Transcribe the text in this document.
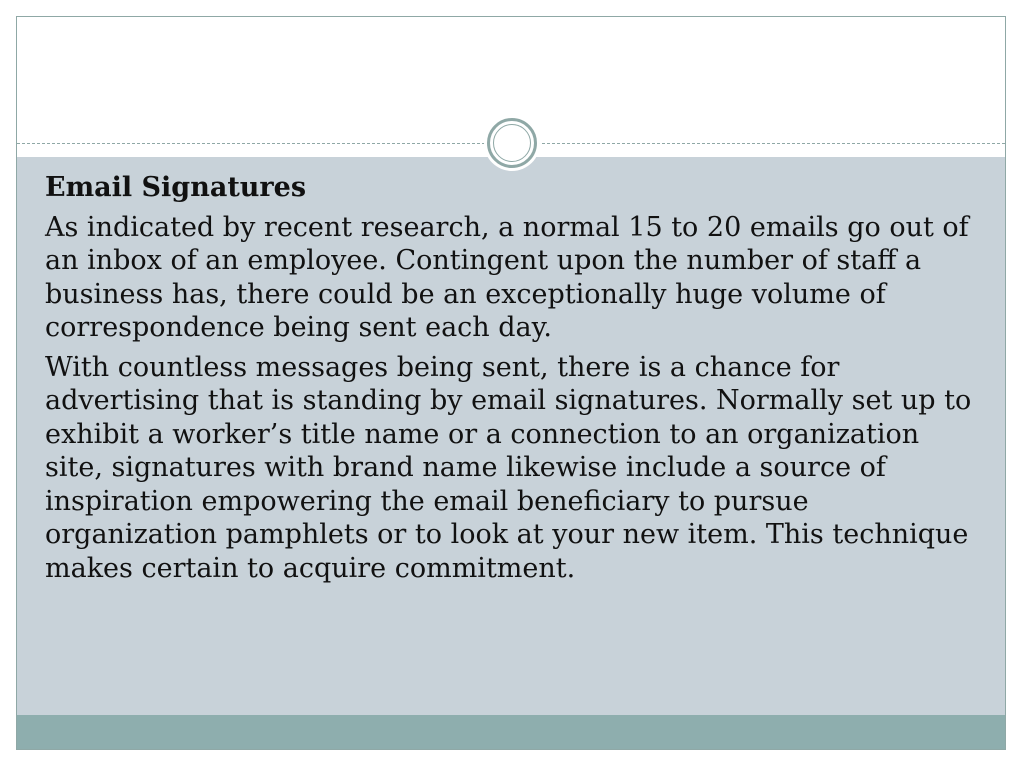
Email Signatures
As indicated by recent research, a normal 15 to 20 emails go out of an inbox of an employee. Contingent upon the number of staff a business has, there could be an exceptionally huge volume of correspondence being sent each day.
With countless messages being sent, there is a chance for advertising that is standing by email signatures. Normally set up to exhibit a worker’s title name or a connection to an organization site, signatures with brand name likewise include a source of inspiration empowering the email beneficiary to pursue organization pamphlets or to look at your new item. This technique makes certain to acquire commitment.
